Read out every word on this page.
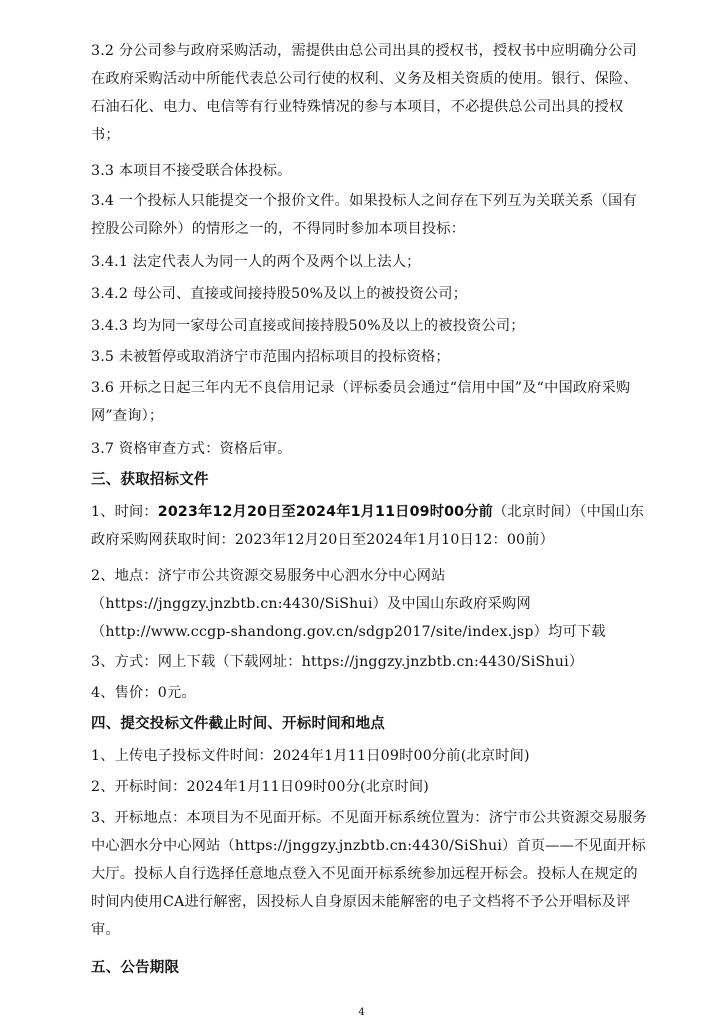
3.2 分公司参与政府采购活动，需提供由总公司出具的授权书，授权书中应明确分公司在政府采购活动中所能代表总公司行使的权利、义务及相关资质的使用。银行、保险、石油石化、电力、电信等有行业特殊情况的参与本项目，不必提供总公司出具的授权书；
3.3 本项目不接受联合体投标。
3.4 一个投标人只能提交一个报价文件。如果投标人之间存在下列互为关联关系（国有控股公司除外）的情形之一的，不得同时参加本项目投标：
3.4.1 法定代表人为同一人的两个及两个以上法人；
3.4.2 母公司、直接或间接持股50%及以上的被投资公司；
3.4.3 均为同一家母公司直接或间接持股50%及以上的被投资公司；
3.5 未被暂停或取消济宁市范围内招标项目的投标资格；
3.6 开标之日起三年内无不良信用记录（评标委员会通过“信用中国”及“中国政府采购网”查询）；
3.7 资格审查方式：资格后审。
三、获取招标文件
1、时间：2023年12月20日至2024年1月11日09时00分前（北京时间）（中国山东政府采购网获取时间：2023年12月20日至2024年1月10日12：00前）
2、地点：济宁市公共资源交易服务中心泗水分中心网站（https://jnggzy.jnzbtb.cn:4430/SiShui）及中国山东政府采购网（http://www.ccgp-shandong.gov.cn/sdgp2017/site/index.jsp）均可下载
3、方式：网上下载（下载网址：https://jnggzy.jnzbtb.cn:4430/SiShui）
4、售价：0元。
四、提交投标文件截止时间、开标时间和地点
1、上传电子投标文件时间：2024年1月11日09时00分前(北京时间)
2、开标时间：2024年1月11日09时00分(北京时间)
3、开标地点：本项目为不见面开标。不见面开标系统位置为：济宁市公共资源交易服务中心泗水分中心网站（https://jnggzy.jnzbtb.cn:4430/SiShui）首页——不见面开标大厅。投标人自行选择任意地点登入不见面开标系统参加远程开标会。投标人在规定的时间内使用CA进行解密，因投标人自身原因未能解密的电子文档将不予公开唱标及评审。
五、公告期限
4
